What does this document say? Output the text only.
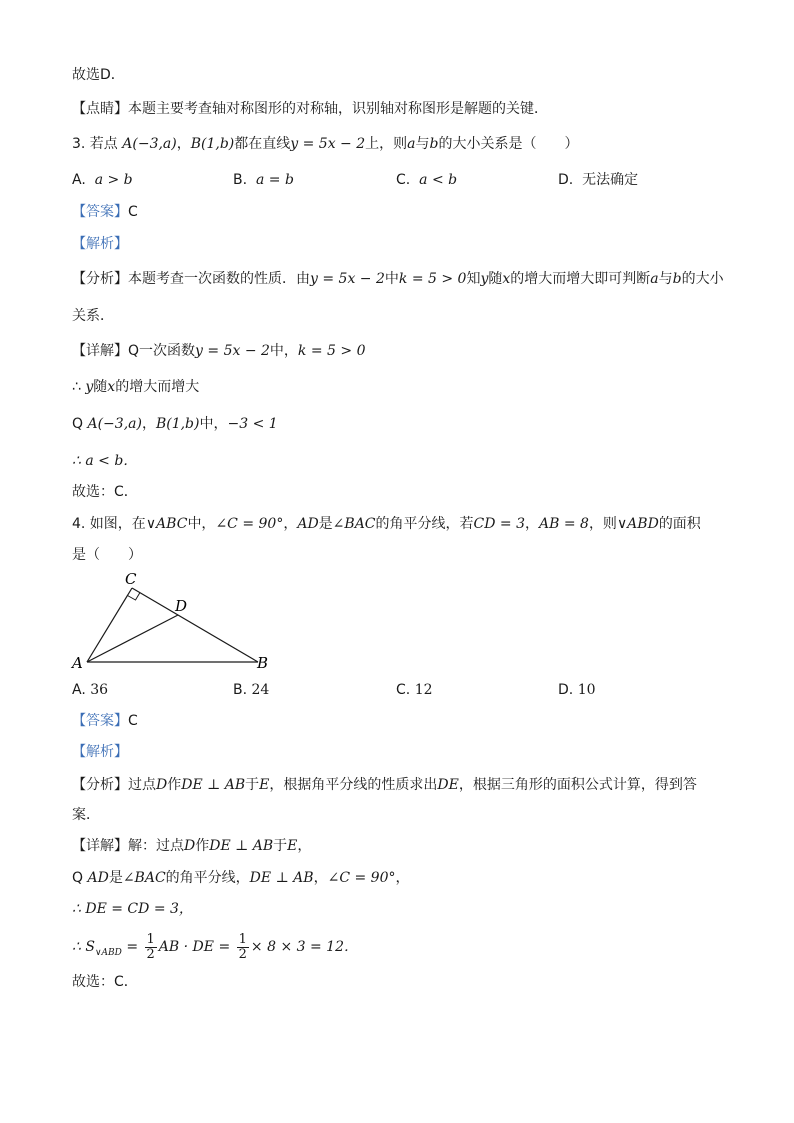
故选D．
【点睛】本题主要考查轴对称图形的对称轴，识别轴对称图形是解题的关键．
3. 若点 A(−3,a)，B(1,b)都在直线y = 5x − 2上，则a与b的大小关系是（　　）
A. a > b	B. a = b	C. a < b	D. 无法确定
【答案】C
【解析】
【分析】本题考查一次函数的性质．由y = 5x − 2中k = 5 > 0知y随x的增大而增大即可判断a与b的大小
关系．
【详解】Q一次函数y = 5x − 2中，k = 5 > 0
∴ y随x的增大而增大
Q A(−3,a)，B(1,b)中，−3 < 1
∴ a < b．
故选：C．
4. 如图，在∨ABC中，∠C = 90°，AD是∠BAC的角平分线，若CD = 3，AB = 8，则∨ABD的面积
是（　　）
C
D
A	B
A. 36	B. 24	C. 12	D. 10
【答案】C
【解析】
【分析】过点D作DE ⊥ AB于E，根据角平分线的性质求出DE，根据三角形的面积公式计算，得到答
案．
【详解】解：过点D作DE ⊥ AB于E，
Q AD是∠BAC的角平分线，DE ⊥ AB，∠C = 90°，
∴ DE = CD = 3，
∴ $S_{\vee ABD} = \frac{1}{2}$ AB · DE = $\frac{1}{2} \times 8 \times 3 = 12$．
故选：C．
